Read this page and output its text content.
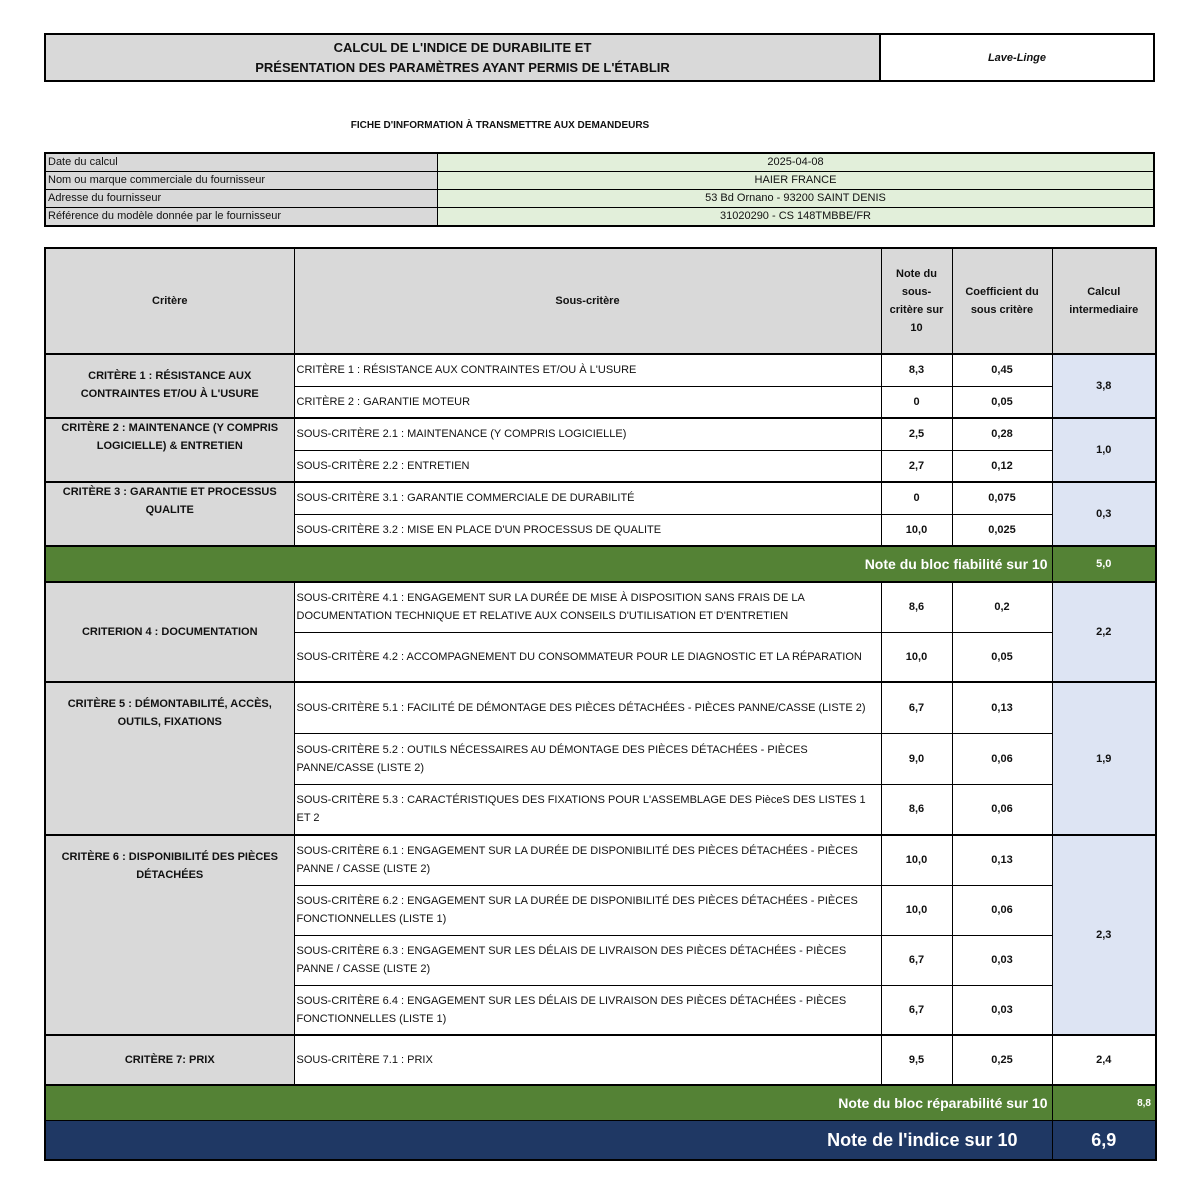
CALCUL DE L'INDICE DE DURABILITE ET
PRÉSENTATION DES PARAMÈTRES AYANT PERMIS DE L'ÉTABLIR
Lave-Linge
FICHE D'INFORMATION À TRANSMETTRE AUX DEMANDEURS
Date du calcul	2025-04-08
Nom ou marque commerciale du fournisseur	HAIER FRANCE
Adresse du fournisseur	53 Bd Ornano - 93200 SAINT DENIS
Référence du modèle donnée par le fournisseur	31020290 - CS 148TMBBE/FR
Critère	Sous-critère	Note du sous-critère sur 10	Coefficient du sous critère	Calcul intermediaire
CRITÈRE 1 : RÉSISTANCE AUX CONTRAINTES ET/OU À L'USURE	CRITÈRE 1 : RÉSISTANCE AUX CONTRAINTES ET/OU À L'USURE	8,3	0,45	3,8
	CRITÈRE 2 : GARANTIE MOTEUR	0	0,05	
CRITÈRE 2 : MAINTENANCE (Y COMPRIS LOGICIELLE) & ENTRETIEN	SOUS-CRITÈRE 2.1 : MAINTENANCE (Y COMPRIS LOGICIELLE)	2,5	0,28	1,0
	SOUS-CRITÈRE 2.2 : ENTRETIEN	2,7	0,12	
CRITÈRE 3 : GARANTIE ET PROCESSUS QUALITE	SOUS-CRITÈRE 3.1 : GARANTIE COMMERCIALE DE DURABILITÉ	0	0,075	0,3
	SOUS-CRITÈRE 3.2 : MISE EN PLACE D'UN PROCESSUS DE QUALITE	10,0	0,025	
Note du bloc fiabilité sur 10				5,0
CRITERION 4 : DOCUMENTATION	SOUS-CRITÈRE 4.1 : ENGAGEMENT SUR LA DURÉE DE MISE À DISPOSITION SANS FRAIS DE LA DOCUMENTATION TECHNIQUE ET RELATIVE AUX CONSEILS D'UTILISATION ET D'ENTRETIEN	8,6	0,2	2,2
	SOUS-CRITÈRE 4.2 : ACCOMPAGNEMENT DU CONSOMMATEUR POUR LE DIAGNOSTIC ET LA RÉPARATION	10,0	0,05	
CRITÈRE 5 : DÉMONTABILITÉ, ACCÈS, OUTILS, FIXATIONS	SOUS-CRITÈRE 5.1 : FACILITÉ DE DÉMONTAGE DES PIÈCES DÉTACHÉES - PIÈCES PANNE/CASSE (LISTE 2)	6,7	0,13	1,9
	SOUS-CRITÈRE 5.2 : OUTILS NÉCESSAIRES AU DÉMONTAGE DES PIÈCES DÉTACHÉES - PIÈCES PANNE/CASSE (LISTE 2)	9,0	0,06	
	SOUS-CRITÈRE 5.3 : CARACTÉRISTIQUES DES FIXATIONS POUR L'ASSEMBLAGE DES PièceS DES LISTES 1 ET 2	8,6	0,06	
CRITÈRE 6 : DISPONIBILITÉ DES PIÈCES DÉTACHÉES	SOUS-CRITÈRE 6.1 : ENGAGEMENT SUR LA DURÉE DE DISPONIBILITÉ DES PIÈCES DÉTACHÉES - PIÈCES PANNE / CASSE (LISTE 2)	10,0	0,13	2,3
	SOUS-CRITÈRE 6.2 : ENGAGEMENT SUR LA DURÉE DE DISPONIBILITÉ DES PIÈCES DÉTACHÉES - PIÈCES FONCTIONNELLES (LISTE 1)	10,0	0,06	
	SOUS-CRITÈRE 6.3 : ENGAGEMENT SUR LES DÉLAIS DE LIVRAISON DES PIÈCES DÉTACHÉES - PIÈCES PANNE / CASSE (LISTE 2)	6,7	0,03	
	SOUS-CRITÈRE 6.4 : ENGAGEMENT SUR LES DÉLAIS DE LIVRAISON DES PIÈCES DÉTACHÉES - PIÈCES FONCTIONNELLES (LISTE 1)	6,7	0,03	
CRITÈRE 7: PRIX	SOUS-CRITÈRE 7.1 : PRIX	9,5	0,25	2,4
Note du bloc réparabilité sur 10				8,8
Note de l'indice sur 10				6,9
